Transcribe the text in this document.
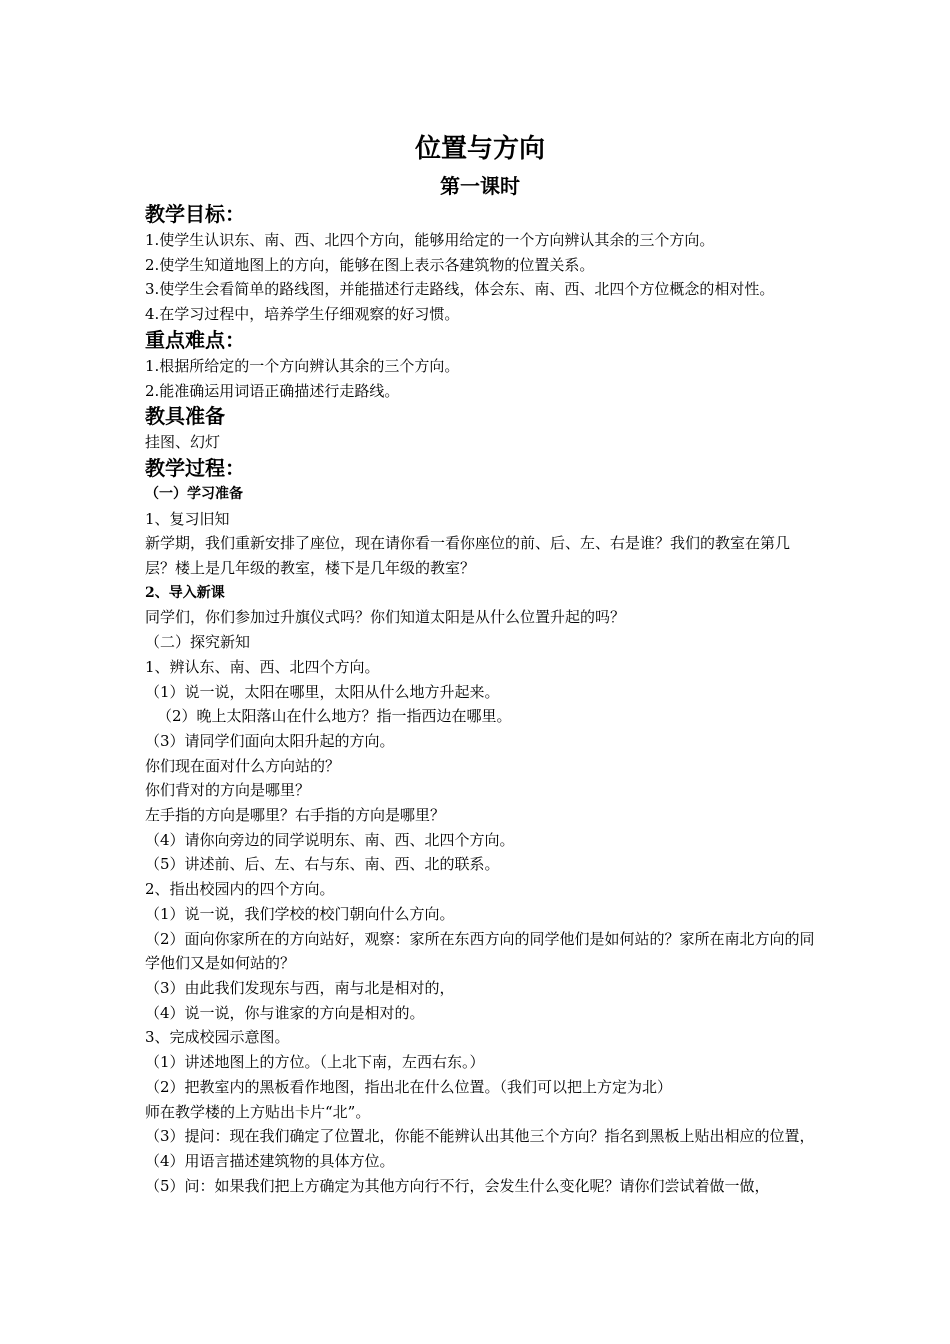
位置与方向
第一课时
教学目标：
1.使学生认识东、南、西、北四个方向，能够用给定的一个方向辨认其余的三个方向。
2.使学生知道地图上的方向，能够在图上表示各建筑物的位置关系。
3.使学生会看简单的路线图，并能描述行走路线，体会东、南、西、北四个方位概念的相对性。
4.在学习过程中，培养学生仔细观察的好习惯。
重点难点：
1.根据所给定的一个方向辨认其余的三个方向。
2.能准确运用词语正确描述行走路线。
教具准备
挂图、幻灯
教学过程：
（一）学习准备
1、复习旧知
新学期，我们重新安排了座位，现在请你看一看你座位的前、后、左、右是谁？我们的教室在第几层？楼上是几年级的教室，楼下是几年级的教室？
2、导入新课
同学们，你们参加过升旗仪式吗？你们知道太阳是从什么位置升起的吗？
（二）探究新知
1、辨认东、南、西、北四个方向。
（1）说一说，太阳在哪里，太阳从什么地方升起来。
（2）晚上太阳落山在什么地方？指一指西边在哪里。
（3）请同学们面向太阳升起的方向。
你们现在面对什么方向站的？
你们背对的方向是哪里？
左手指的方向是哪里？右手指的方向是哪里？
（4）请你向旁边的同学说明东、南、西、北四个方向。
（5）讲述前、后、左、右与东、南、西、北的联系。
2、指出校园内的四个方向。
（1）说一说，我们学校的校门朝向什么方向。
（2）面向你家所在的方向站好，观察：家所在东西方向的同学他们是如何站的？家所在南北方向的同学他们又是如何站的？
（3）由此我们发现东与西，南与北是相对的，
（4）说一说，你与谁家的方向是相对的。
3、完成校园示意图。
（1）讲述地图上的方位。（上北下南，左西右东。）
（2）把教室内的黑板看作地图，指出北在什么位置。（我们可以把上方定为北）
师在教学楼的上方贴出卡片“北”。
（3）提问：现在我们确定了位置北，你能不能辨认出其他三个方向？指名到黑板上贴出相应的位置，
（4）用语言描述建筑物的具体方位。
（5）问：如果我们把上方确定为其他方向行不行，会发生什么变化呢？请你们尝试着做一做，
